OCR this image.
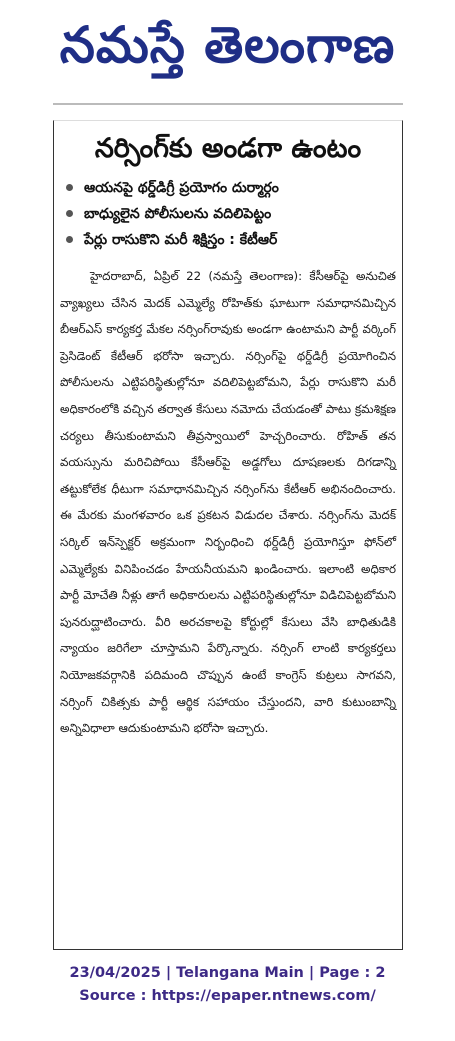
నమస్తే తెలంగాణ
నర్సింగ్‌కు అండగా ఉంటం
ఆయనపై థర్డ్‌డిగ్రీ ప్రయోగం దుర్మార్గం
బాధ్యులైన పోలీసులను వదిలిపెట్టం
పేర్లు రాసుకొని మరీ శిక్షిస్తం : కేటీఆర్

హైదరాబాద్, ఏప్రిల్ 22 (నమస్తే తెలంగాణ): కేసీఆర్‌పై అనుచిత వ్యాఖ్యలు చేసిన మెదక్ ఎమ్మెల్యే రోహిత్‌కు ఘాటుగా సమాధానమిచ్చిన బీఆర్‌ఎస్ కార్యకర్త మేకల నర్సింగ్‌రావుకు అండగా ఉంటామని పార్టీ వర్కింగ్ ప్రెసిడెంట్ కేటీఆర్ భరోసా ఇచ్చారు. నర్సింగ్‌పై థర్డ్‌డిగ్రీ ప్రయోగించిన పోలీసులను ఎట్టిపరిస్థితుల్లోనూ వదిలిపెట్టబోమని, పేర్లు రాసుకొని మరీ అధికారంలోకి వచ్చిన తర్వాత కేసులు నమోదు చేయడంతో పాటు క్రమశిక్షణ చర్యలు తీసుకుంటామని తీవ్రస్వాయిలో హెచ్చరించారు. రోహిత్ తన వయస్సును మరిచిపోయి కేసీఆర్‌పై అడ్డగోలు దూషణలకు దిగడాన్ని తట్టుకోలేక ధీటుగా సమాధానమిచ్చిన నర్సింగ్‌ను కేటీఆర్ అభినందించారు. ఈ మేరకు మంగళవారం ఒక ప్రకటన విడుదల చేశారు. నర్సింగ్‌ను మెదక్ సర్కిల్ ఇన్‌స్పెక్టర్ అక్రమంగా నిర్బంధించి థర్డ్‌డిగ్రీ ప్రయోగిస్తూ ఫోన్‌లో ఎమ్మెల్యేకు వినిపించడం హేయనీయమని ఖండించారు. ఇలాంటి అధికార పార్టీ మోచేతి నీళ్లు తాగే అధికారులను ఎట్టిపరిస్థితుల్లోనూ విడిచిపెట్టబోమని పునరుద్ఘాటించారు. వీరి అరచకాలపై కోర్టుల్లో కేసులు వేసి బాధితుడికి న్యాయం జరిగేలా చూస్తామని పేర్కొన్నారు. నర్సింగ్ లాంటి కార్యకర్తలు నియోజకవర్గానికి పదిమంది చొప్పున ఉంటే కాంగ్రెస్ కుట్రలు సాగవని, నర్సింగ్ చికిత్సకు పార్టీ ఆర్థిక సహాయం చేస్తుందని, వారి కుటుంబాన్ని అన్నివిధాలా ఆదుకుంటామని భరోసా ఇచ్చారు.

23/04/2025 | Telangana Main | Page : 2
Source : https://epaper.ntnews.com/
